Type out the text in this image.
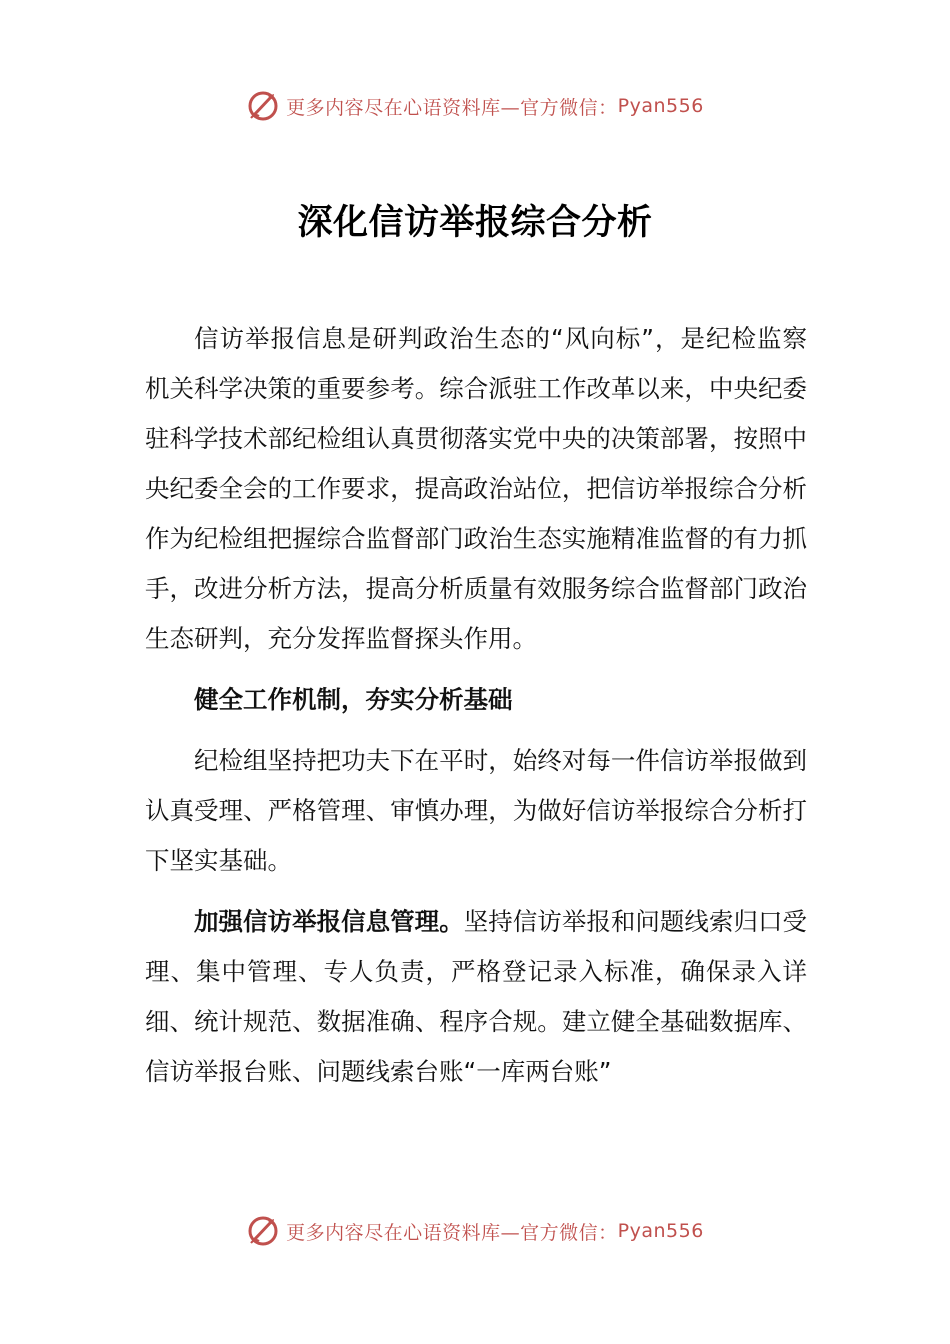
更多内容尽在心语资料库—官方微信： Pyan556
深化信访举报综合分析

信访举报信息是研判政治生态的“风向标”，是纪检监察机关科学决策的重要参考。综合派驻工作改革以来，中央纪委驻科学技术部纪检组认真贯彻落实党中央的决策部署，按照中央纪委全会的工作要求，提高政治站位，把信访举报综合分析作为纪检组把握综合监督部门政治生态实施精准监督的有力抓手，改进分析方法，提高分析质量有效服务综合监督部门政治生态研判，充分发挥监督探头作用。

健全工作机制，夯实分析基础

纪检组坚持把功夫下在平时，始终对每一件信访举报做到认真受理、严格管理、审慎办理，为做好信访举报综合分析打下坚实基础。

加强信访举报信息管理。坚持信访举报和问题线索归口受理、集中管理、专人负责，严格登记录入标准，确保录入详细、统计规范、数据准确、程序合规。建立健全基础数据库、信访举报台账、问题线索台账“一库两台账”

更多内容尽在心语资料库—官方微信： Pyan556
